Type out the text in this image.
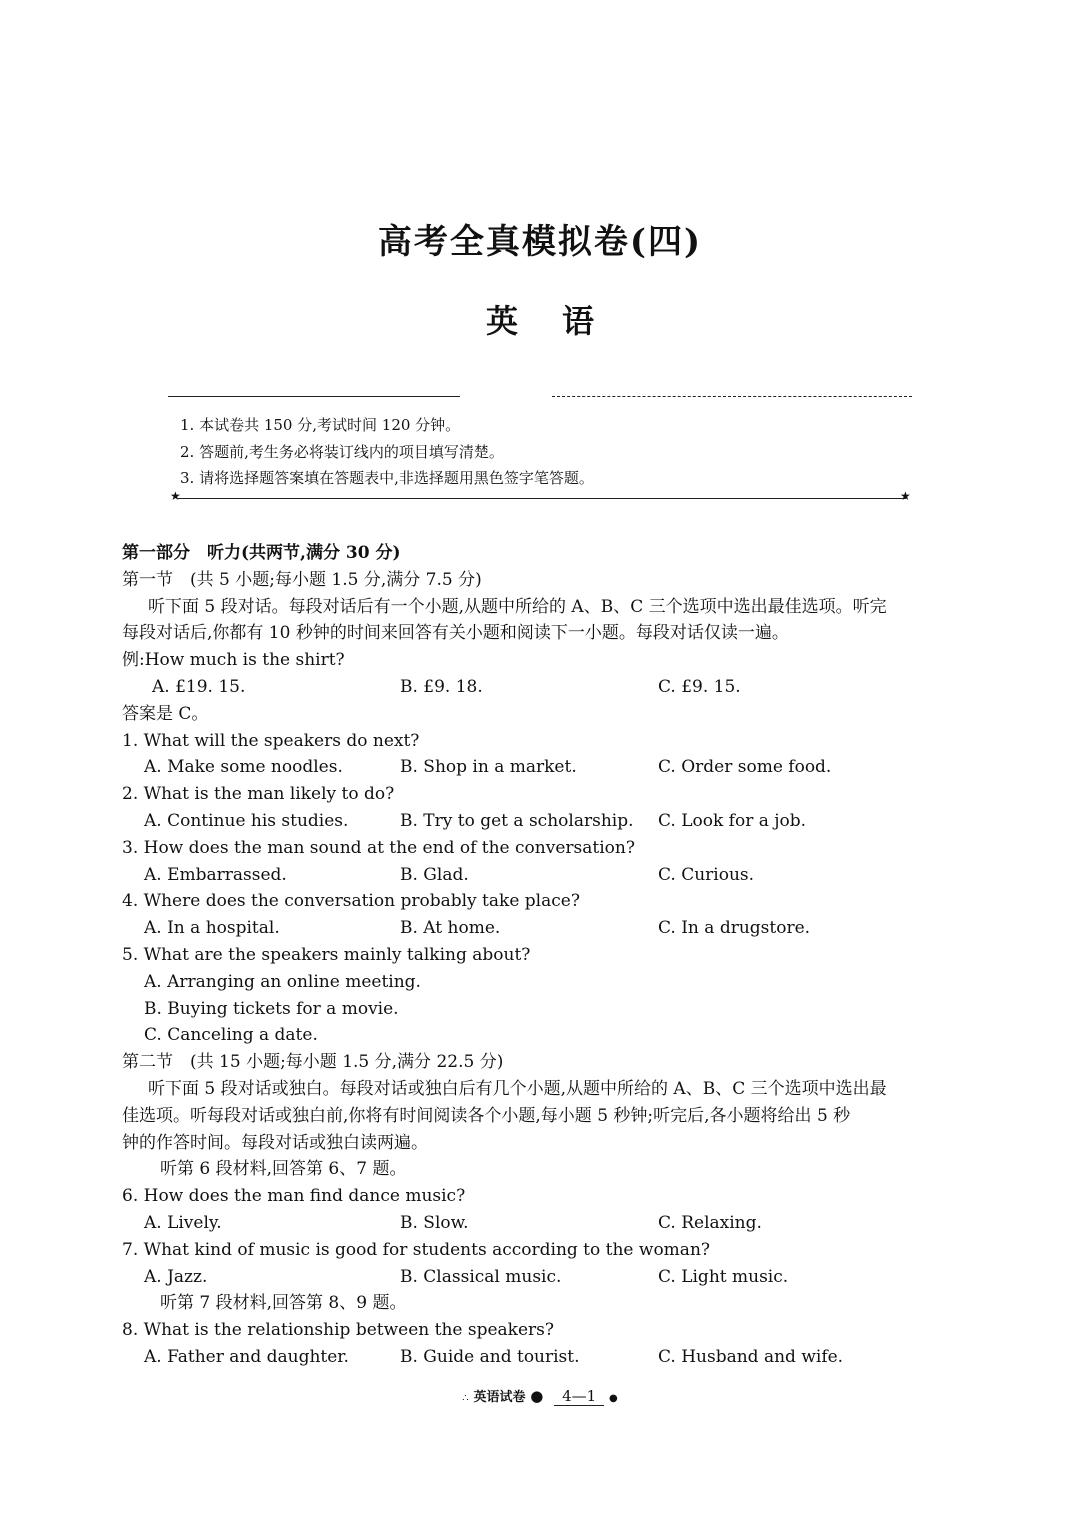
高考全真模拟卷(四)
英语
1. 本试卷共 150 分,考试时间 120 分钟。
2. 答题前,考生务必将装订线内的项目填写清楚。
3. 请将选择题答案填在答题表中,非选择题用黑色签字笔答题。
★	★
第一部分　听力(共两节,满分 30 分)
第一节　(共 5 小题;每小题 1.5 分,满分 7.5 分)
听下面 5 段对话。每段对话后有一个小题,从题中所给的 A、B、C 三个选项中选出最佳选项。听完
每段对话后,你都有 10 秒钟的时间来回答有关小题和阅读下一小题。每段对话仅读一遍。
例:How much is the shirt?
A. £19. 15.	B. £9. 18.	C. £9. 15.
答案是 C。
1. What will the speakers do next?
A. Make some noodles.	B. Shop in a market.	C. Order some food.
2. What is the man likely to do?
A. Continue his studies.	B. Try to get a scholarship. C. Look for a job.
3. How does the man sound at the end of the conversation?
A. Embarrassed.	B. Glad.	C. Curious.
4. Where does the conversation probably take place?
A. In a hospital.	B. At home.	C. In a drugstore.
5. What are the speakers mainly talking about?
A. Arranging an online meeting.
B. Buying tickets for a movie.
C. Canceling a date.
第二节　(共 15 小题;每小题 1.5 分,满分 22.5 分)
听下面 5 段对话或独白。每段对话或独白后有几个小题,从题中所给的 A、B、C 三个选项中选出最
佳选项。听每段对话或独白前,你将有时间阅读各个小题,每小题 5 秒钟;听完后,各小题将给出 5 秒
钟的作答时间。每段对话或独白读两遍。
听第 6 段材料,回答第 6、7 题。
6. How does the man find dance music?
A. Lively.	B. Slow.	C. Relaxing.
7. What kind of music is good for students according to the woman?
A. Jazz.	B. Classical music.	C. Light music.
听第 7 段材料,回答第 8、9 题。
8. What is the relationship between the speakers?
A. Father and daughter.	B. Guide and tourist.	C. Husband and wife.
∴ 英语试卷 ● 4—1 ●
